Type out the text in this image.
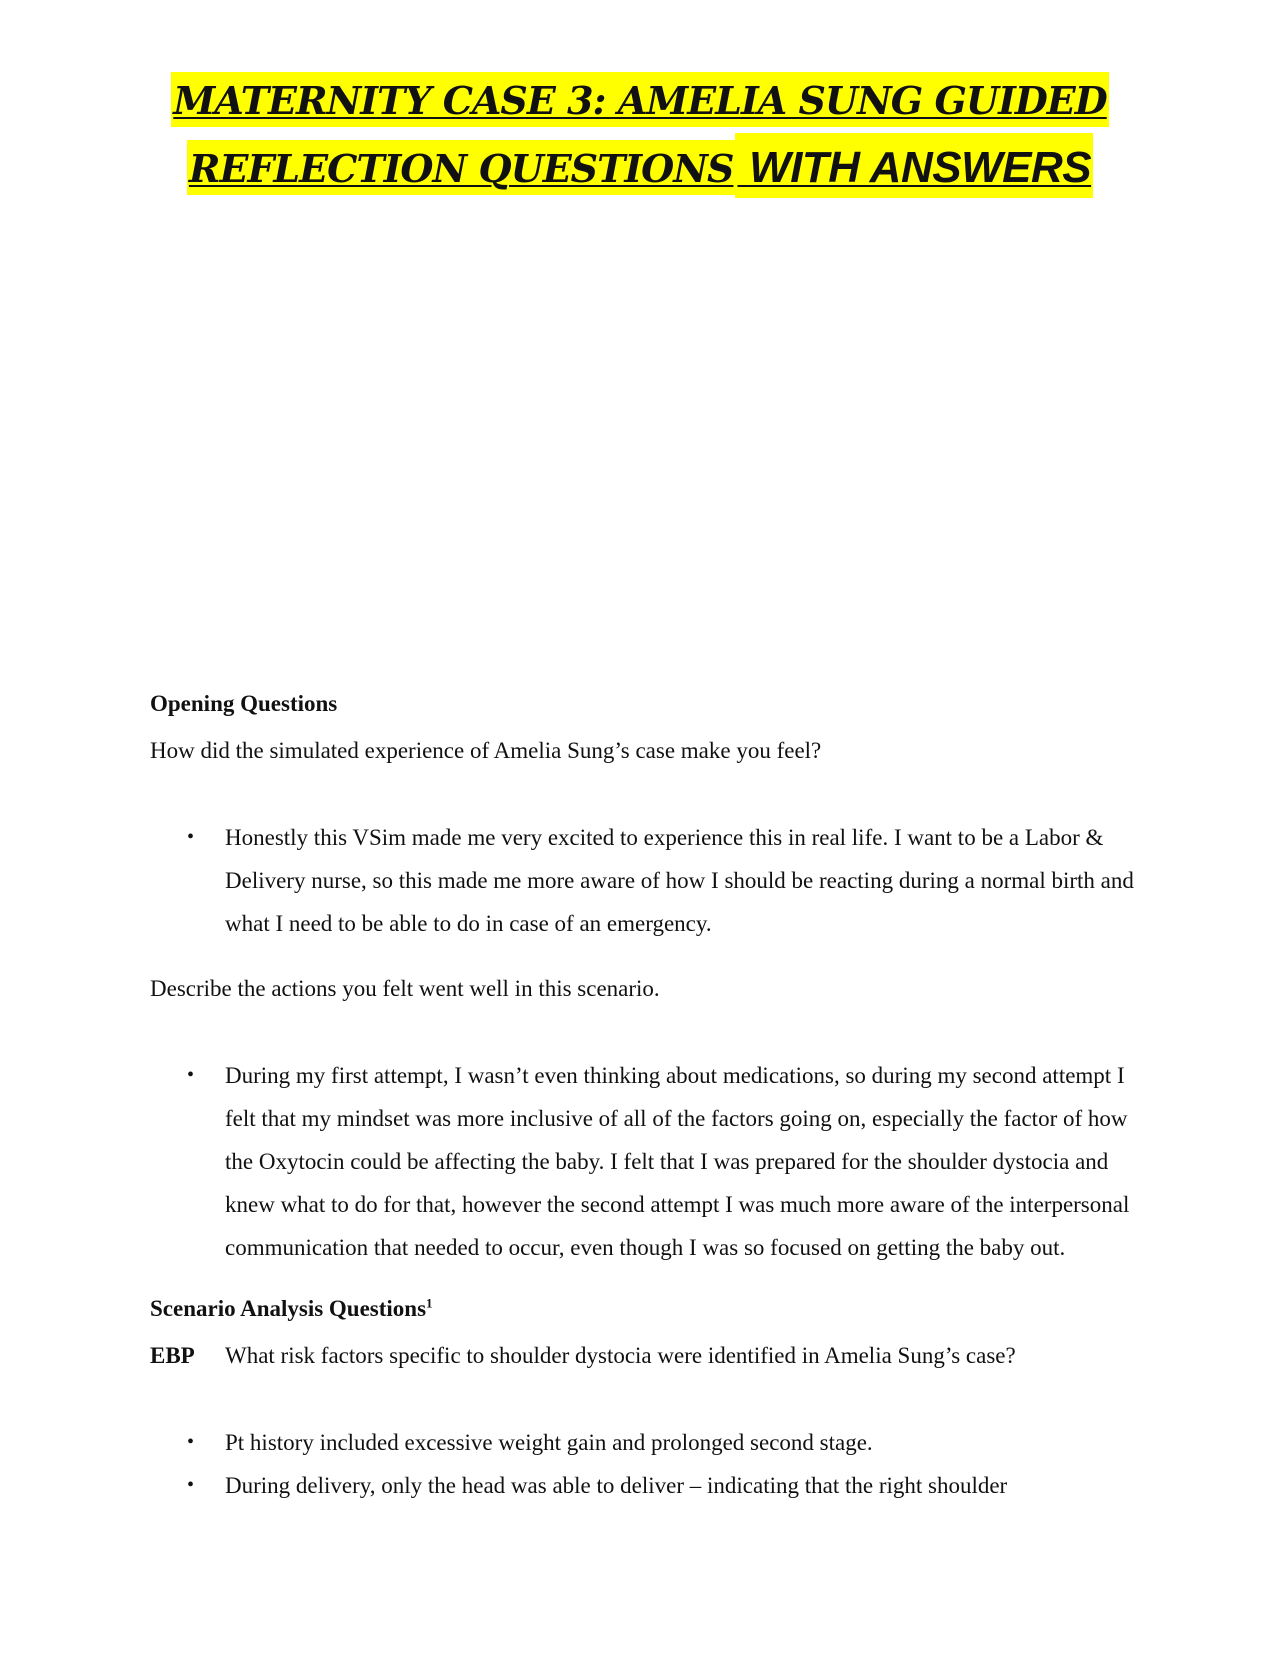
MATERNITY CASE 3: AMELIA SUNG GUIDED
REFLECTION QUESTIONS WITH ANSWERS

Opening Questions

How did the simulated experience of Amelia Sung’s case make you feel?

• Honestly this VSim made me very excited to experience this in real life. I want to be a Labor & Delivery nurse, so this made me more aware of how I should be reacting during a normal birth and what I need to be able to do in case of an emergency.

Describe the actions you felt went well in this scenario.

• During my first attempt, I wasn’t even thinking about medications, so during my second attempt I felt that my mindset was more inclusive of all of the factors going on, especially the factor of how the Oxytocin could be affecting the baby. I felt that I was prepared for the shoulder dystocia and knew what to do for that, however the second attempt I was much more aware of the interpersonal communication that needed to occur, even though I was so focused on getting the baby out.

Scenario Analysis Questions$^1$

EBP	What risk factors specific to shoulder dystocia were identified in Amelia Sung’s case?
• Pt history included excessive weight gain and prolonged second stage.
• During delivery, only the head was able to deliver – indicating that the right shoulder
